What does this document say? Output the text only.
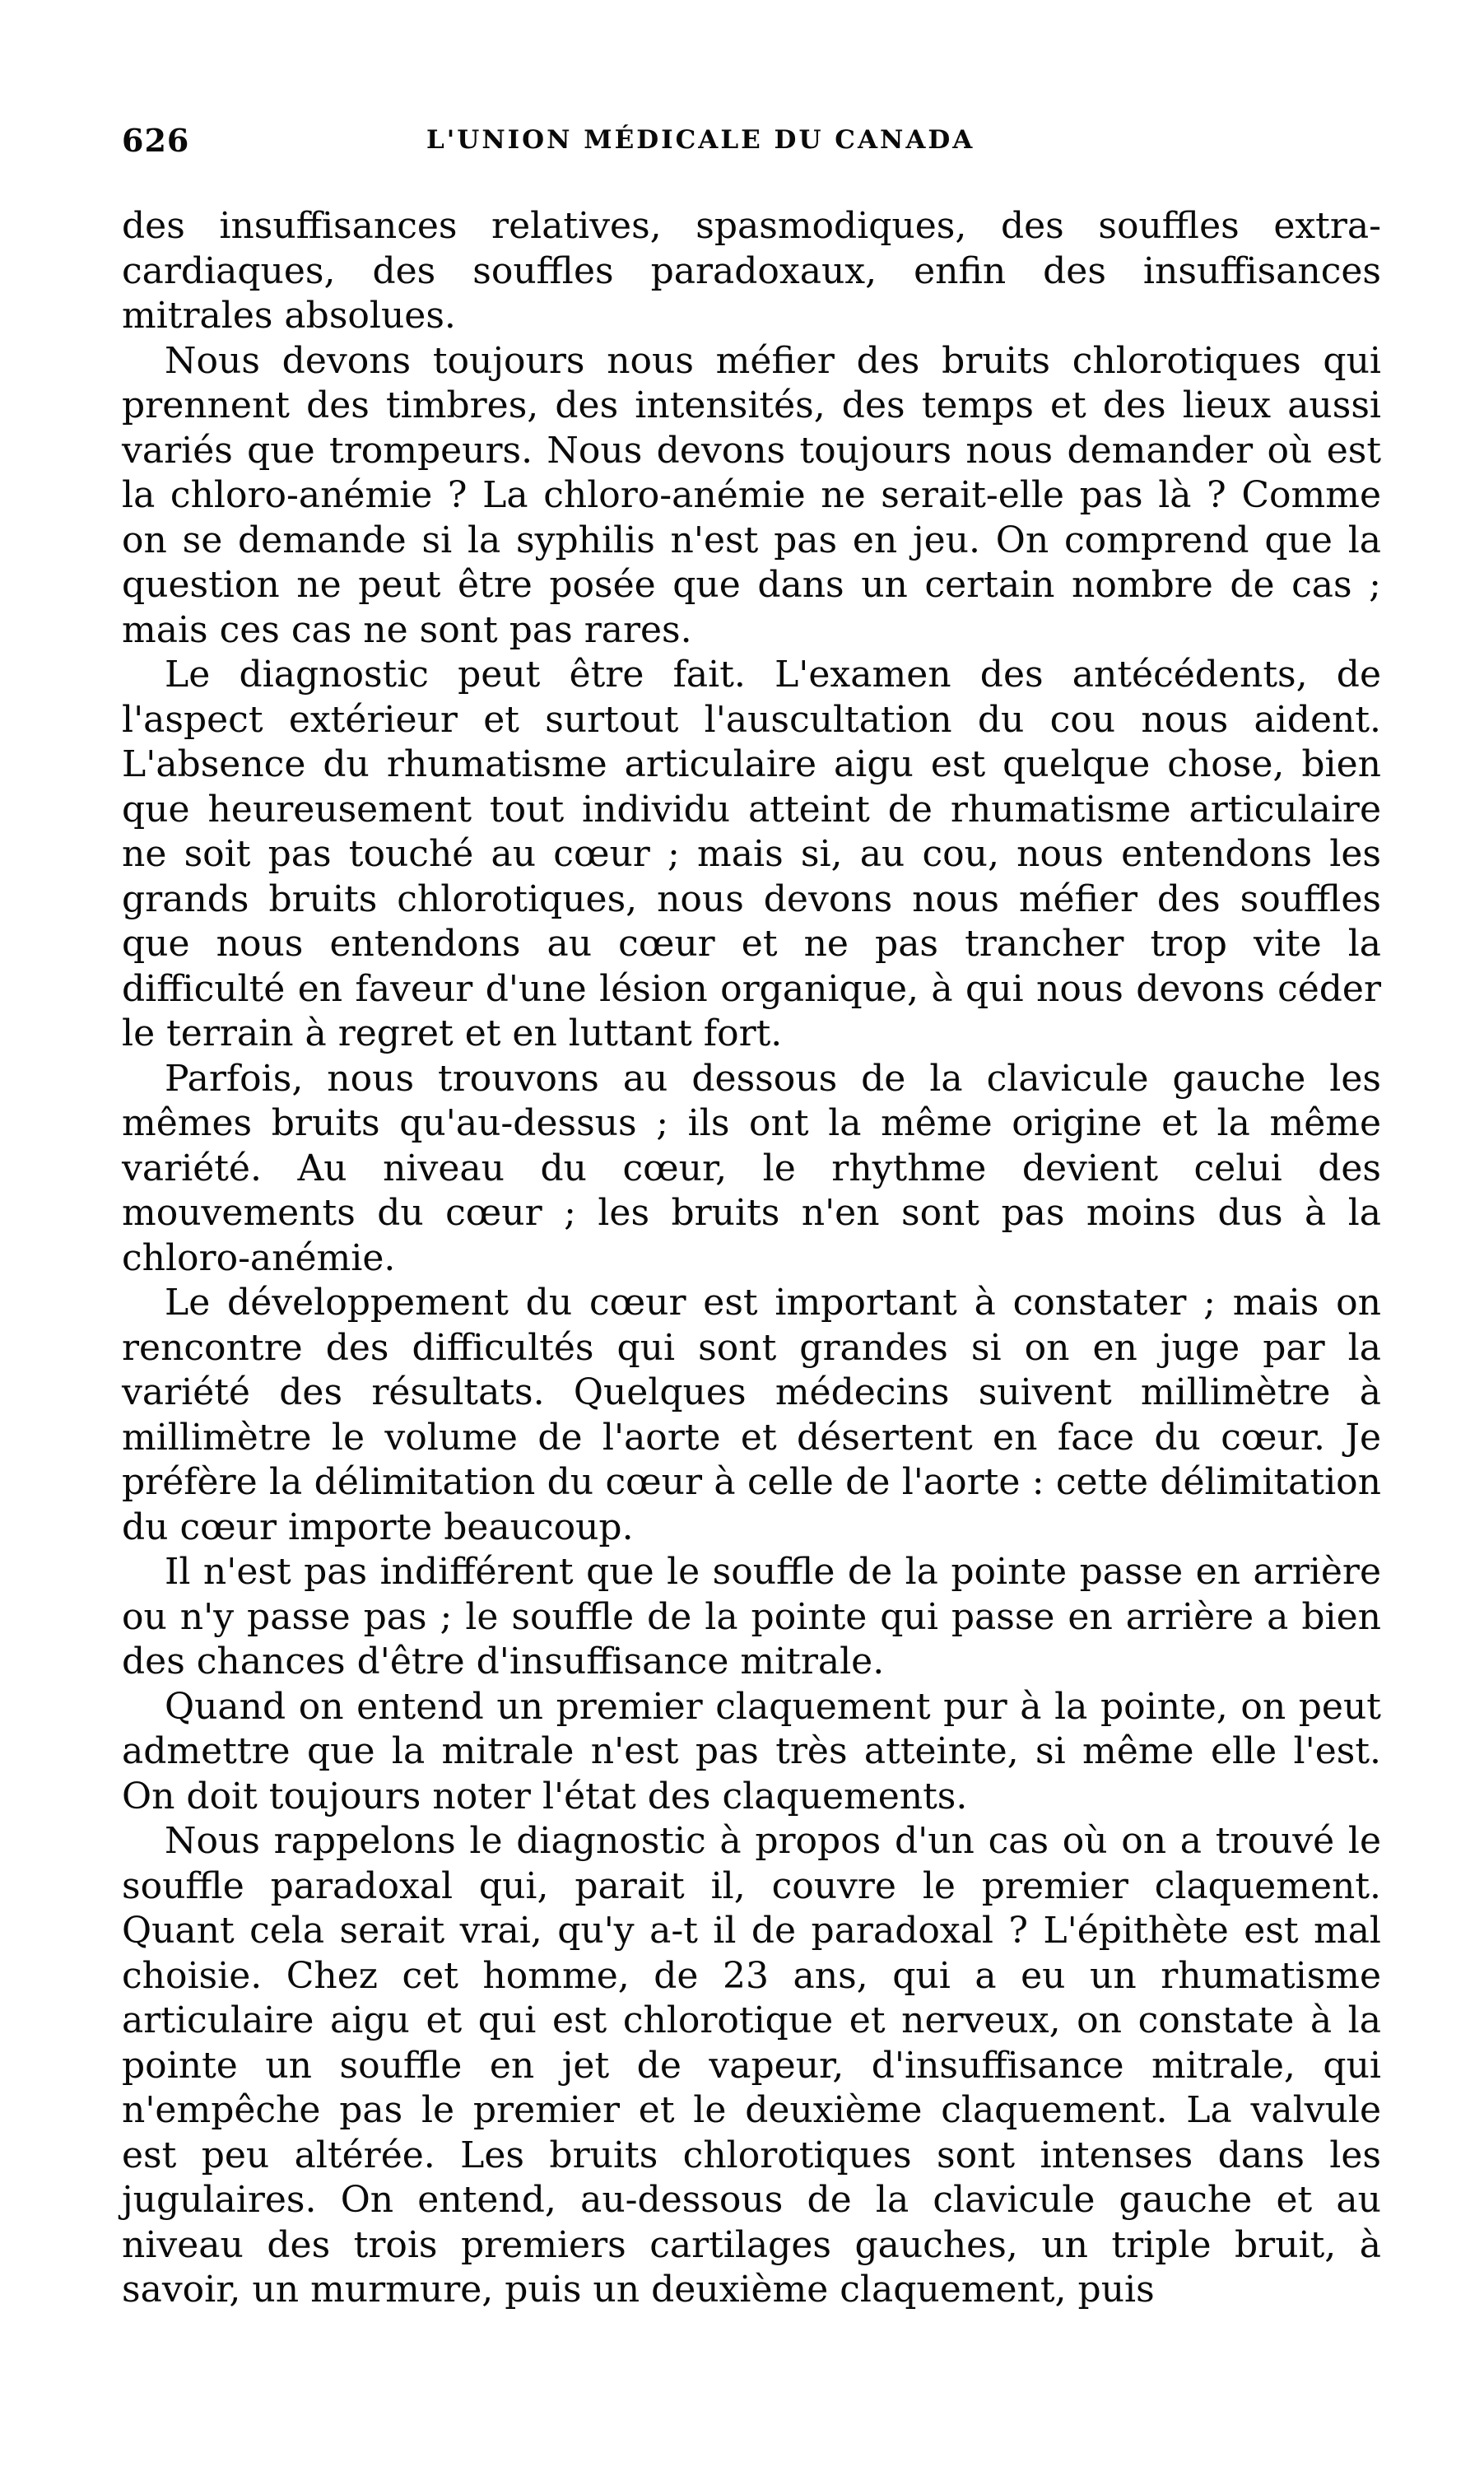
626	L'UNION MÉDICALE DU CANADA

des insuffisances relatives, spasmodiques, des souffles extra-cardiaques, des souffles paradoxaux, enfin des insuffisances mitrales absolues.

Nous devons toujours nous méfier des bruits chlorotiques qui prennent des timbres, des intensités, des temps et des lieux aussi variés que trompeurs. Nous devons toujours nous demander où est la chloro-anémie ? La chloro-anémie ne serait-elle pas là ? Comme on se demande si la syphilis n'est pas en jeu. On comprend que la question ne peut être posée que dans un certain nombre de cas ; mais ces cas ne sont pas rares.

Le diagnostic peut être fait. L'examen des antécédents, de l'aspect extérieur et surtout l'auscultation du cou nous aident. L'absence du rhumatisme articulaire aigu est quelque chose, bien que heureusement tout individu atteint de rhumatisme articulaire ne soit pas touché au cœur ; mais si, au cou, nous entendons les grands bruits chlorotiques, nous devons nous méfier des souffles que nous entendons au cœur et ne pas trancher trop vite la difficulté en faveur d'une lésion organique, à qui nous devons céder le terrain à regret et en luttant fort.

Parfois, nous trouvons au dessous de la clavicule gauche les mêmes bruits qu'au-dessus ; ils ont la même origine et la même variété. Au niveau du cœur, le rhythme devient celui des mouvements du cœur ; les bruits n'en sont pas moins dus à la chloro-anémie.

Le développement du cœur est important à constater ; mais on rencontre des difficultés qui sont grandes si on en juge par la variété des résultats. Quelques médecins suivent millimètre à millimètre le volume de l'aorte et désertent en face du cœur. Je préfère la délimitation du cœur à celle de l'aorte : cette délimitation du cœur importe beaucoup.

Il n'est pas indifférent que le souffle de la pointe passe en arrière ou n'y passe pas ; le souffle de la pointe qui passe en arrière a bien des chances d'être d'insuffisance mitrale.

Quand on entend un premier claquement pur à la pointe, on peut admettre que la mitrale n'est pas très atteinte, si même elle l'est. On doit toujours noter l'état des claquements.

Nous rappelons le diagnostic à propos d'un cas où on a trouvé le souffle paradoxal qui, parait il, couvre le premier claquement. Quant cela serait vrai, qu'y a-t il de paradoxal ? L'épithète est mal choisie. Chez cet homme, de 23 ans, qui a eu un rhumatisme articulaire aigu et qui est chlorotique et nerveux, on constate à la pointe un souffle en jet de vapeur, d'insuffisance mitrale, qui n'empêche pas le premier et le deuxième claquement. La valvule est peu altérée. Les bruits chlorotiques sont intenses dans les jugulaires. On entend, au-dessous de la clavicule gauche et au niveau des trois premiers cartilages gauches, un triple bruit, à savoir, un murmure, puis un deuxième claquement, puis
